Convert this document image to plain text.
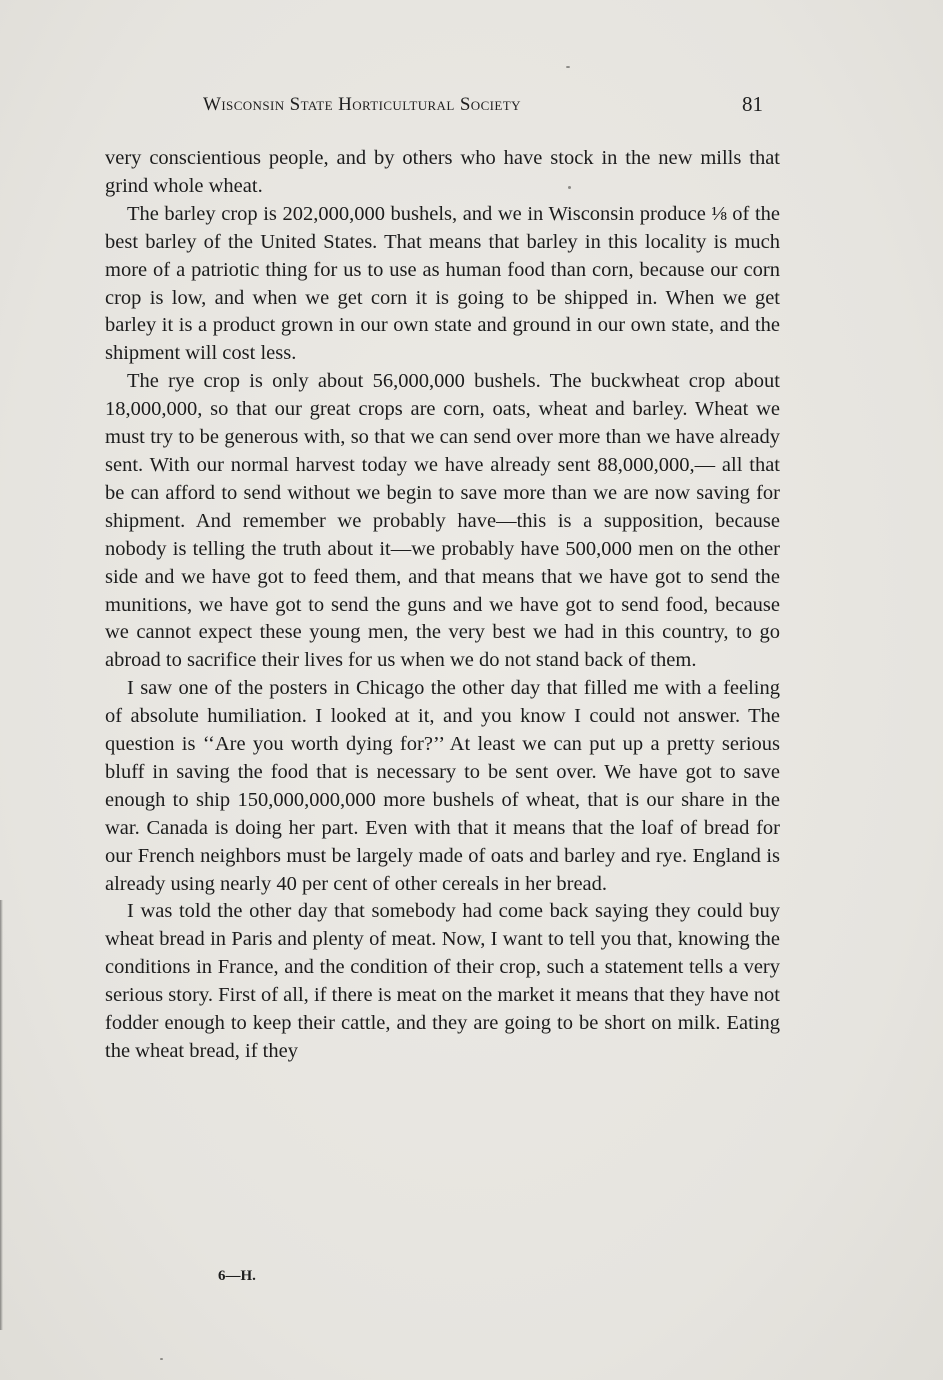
Wisconsin State Horticultural Society	81

very conscientious people, and by others who have stock in the new mills that grind whole wheat.

The barley crop is 202,000,000 bushels, and we in Wisconsin produce ⅛ of the best barley of the United States. That means that barley in this locality is much more of a patriotic thing for us to use as human food than corn, because our corn crop is low, and when we get corn it is going to be shipped in. When we get barley it is a product grown in our own state and ground in our own state, and the shipment will cost less.

The rye crop is only about 56,000,000 bushels. The buckwheat crop about 18,000,000, so that our great crops are corn, oats, wheat and barley. Wheat we must try to be generous with, so that we can send over more than we have already sent. With our normal harvest today we have already sent 88,000,000,— all that be can afford to send without we begin to save more than we are now saving for shipment. And remember we probably have—this is a supposition, because nobody is telling the truth about it—we probably have 500,000 men on the other side and we have got to feed them, and that means that we have got to send the munitions, we have got to send the guns and we have got to send food, because we cannot expect these young men, the very best we had in this country, to go abroad to sacrifice their lives for us when we do not stand back of them.

I saw one of the posters in Chicago the other day that filled me with a feeling of absolute humiliation. I looked at it, and you know I could not answer. The question is ‘‘Are you worth dying for?’’ At least we can put up a pretty serious bluff in saving the food that is necessary to be sent over. We have got to save enough to ship 150,000,000,000 more bushels of wheat, that is our share in the war. Canada is doing her part. Even with that it means that the loaf of bread for our French neighbors must be largely made of oats and barley and rye. England is already using nearly 40 per cent of other cereals in her bread.

I was told the other day that somebody had come back saying they could buy wheat bread in Paris and plenty of meat. Now, I want to tell you that, knowing the conditions in France, and the condition of their crop, such a statement tells a very serious story. First of all, if there is meat on the market it means that they have not fodder enough to keep their cattle, and they are going to be short on milk. Eating the wheat bread, if they

6—H.
